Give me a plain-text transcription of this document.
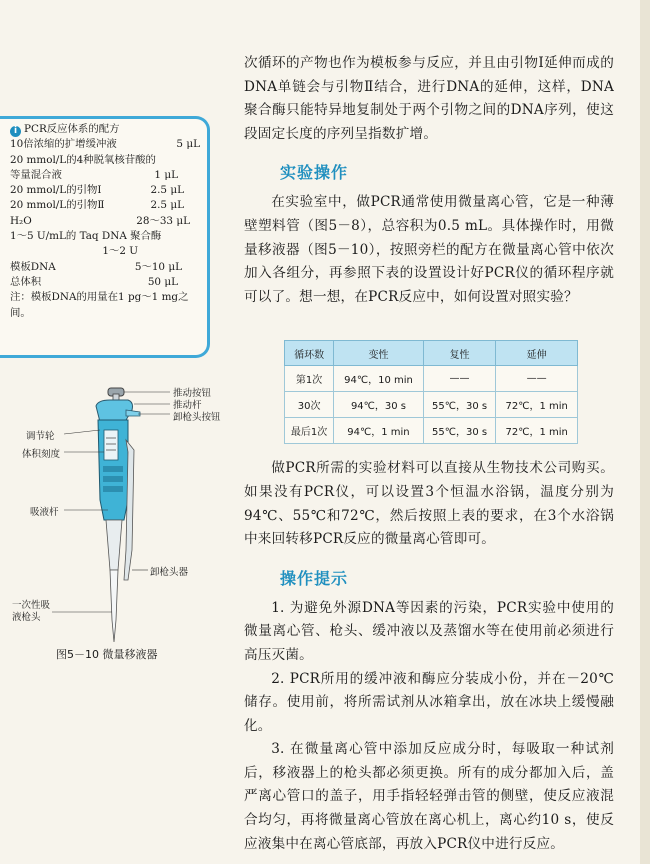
i PCR反应体系的配方
10倍浓缩的扩增缓冲液	5 μL
20 mmol/L的4种脱氧核苷酸的
等量混合液	1 μL
20 mmol/L的引物Ⅰ	2.5 μL
20 mmol/L的引物Ⅱ	2.5 μL
H₂O	28～33 μL
1～5 U/mL的 Taq DNA 聚合酶
1～2 U
模板DNA	5～10 μL
总体积	50 μL
注：模板DNA的用量在1 pg～1 mg之间。
推动按钮
推动杆
卸枪头按钮
调节轮
体积刻度
吸液杆
卸枪头器
一次性吸液枪头
图5－10 微量移液器

次循环的产物也作为模板参与反应，并且由引物Ⅰ延伸而成的DNA单链会与引物Ⅱ结合，进行DNA的延伸，这样，DNA聚合酶只能特异地复制处于两个引物之间的DNA序列，使这段固定长度的序列呈指数扩增。

实验操作

在实验室中，做PCR通常使用微量离心管，它是一种薄壁塑料管（图5－8），总容积为0.5 mL。具体操作时，用微量移液器（图5－10），按照旁栏的配方在微量离心管中依次加入各组分，再参照下表的设置设计好PCR仪的循环程序就可以了。想一想，在PCR反应中，如何设置对照实验？

做PCR所需的实验材料可以直接从生物技术公司购买。如果没有PCR仪，可以设置3个恒温水浴锅，温度分别为94℃、55℃和72℃，然后按照上表的要求，在3个水浴锅中来回转移PCR反应的微量离心管即可。

操作提示

1. 为避免外源DNA等因素的污染，PCR实验中使用的微量离心管、枪头、缓冲液以及蒸馏水等在使用前必须进行高压灭菌。

2. PCR所用的缓冲液和酶应分装成小份，并在－20℃储存。使用前，将所需试剂从冰箱拿出，放在冰块上缓慢融化。

3. 在微量离心管中添加反应成分时，每吸取一种试剂后，移液器上的枪头都必须更换。所有的成分都加入后，盖严离心管口的盖子，用手指轻轻弹击管的侧壁，使反应液混合均匀，再将微量离心管放在离心机上，离心约10 s，使反应液集中在离心管底部，再放入PCR仪中进行反应。

循环数	变性	复性	延伸
第1次	94℃，10 min	——	——
30次	94℃，30 s	55℃，30 s	72℃，1 min
最后1次	94℃，1 min	55℃，30 s	72℃，1 min
